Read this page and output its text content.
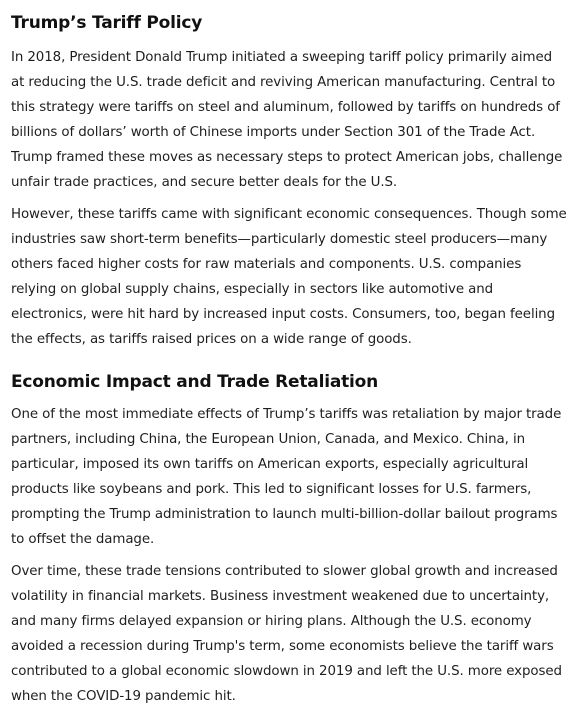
Trump’s Tariff Policy

In 2018, President Donald Trump initiated a sweeping tariff policy primarily aimed at reducing the U.S. trade deficit and reviving American manufacturing. Central to this strategy were tariffs on steel and aluminum, followed by tariffs on hundreds of billions of dollars’ worth of Chinese imports under Section 301 of the Trade Act. Trump framed these moves as necessary steps to protect American jobs, challenge unfair trade practices, and secure better deals for the U.S.

However, these tariffs came with significant economic consequences. Though some industries saw short-term benefits—particularly domestic steel producers—many others faced higher costs for raw materials and components. U.S. companies relying on global supply chains, especially in sectors like automotive and electronics, were hit hard by increased input costs. Consumers, too, began feeling the effects, as tariffs raised prices on a wide range of goods.

Economic Impact and Trade Retaliation

One of the most immediate effects of Trump’s tariffs was retaliation by major trade partners, including China, the European Union, Canada, and Mexico. China, in particular, imposed its own tariffs on American exports, especially agricultural products like soybeans and pork. This led to significant losses for U.S. farmers, prompting the Trump administration to launch multi-billion-dollar bailout programs to offset the damage.

Over time, these trade tensions contributed to slower global growth and increased volatility in financial markets. Business investment weakened due to uncertainty, and many firms delayed expansion or hiring plans. Although the U.S. economy avoided a recession during Trump's term, some economists believe the tariff wars contributed to a global economic slowdown in 2019 and left the U.S. more exposed when the COVID-19 pandemic hit.
